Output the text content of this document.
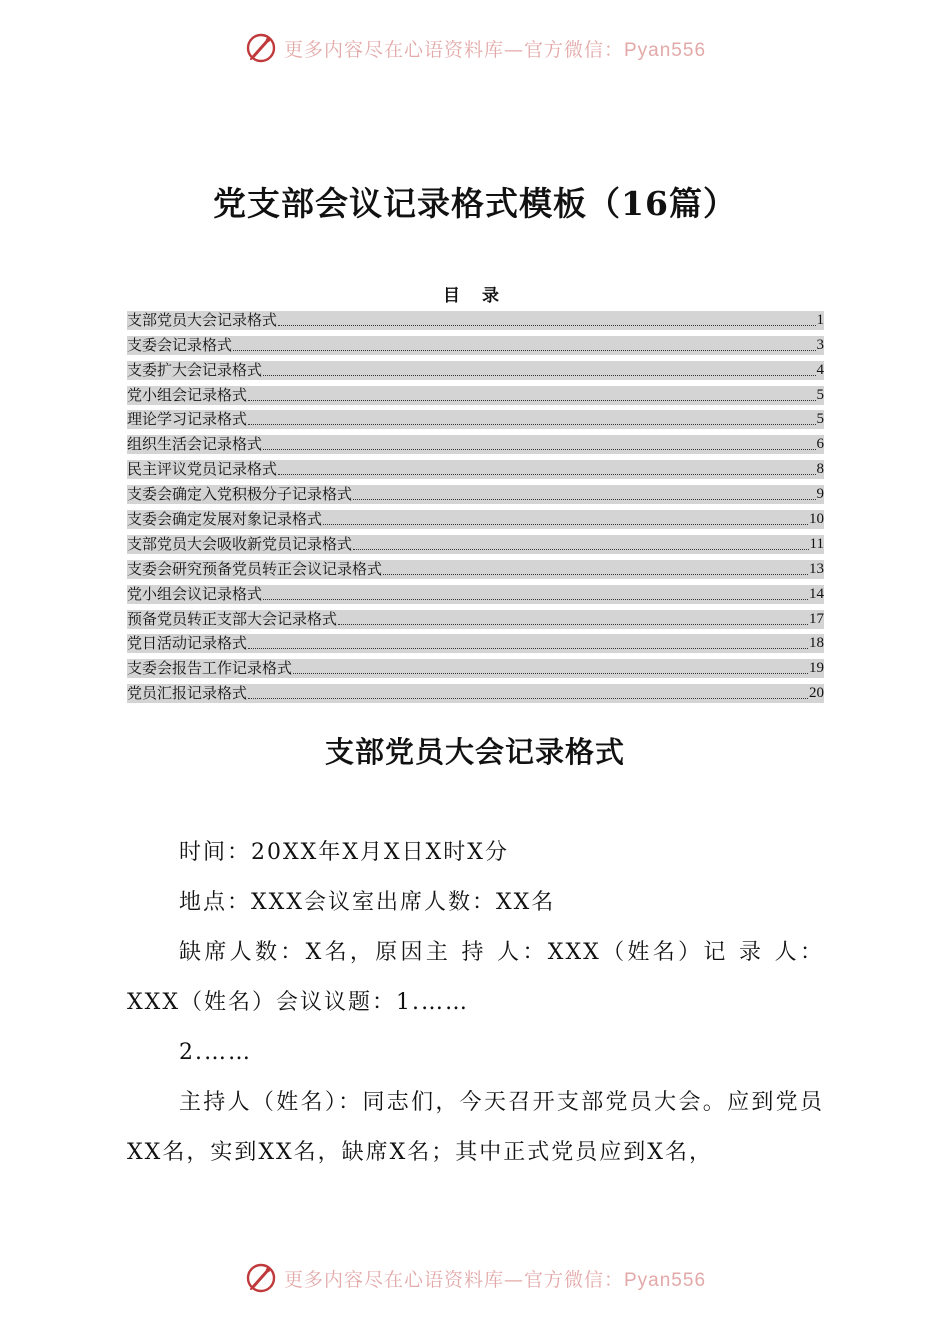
更多内容尽在心语资料库—官方微信：Pyan556
党支部会议记录格式模板（16篇）
目 录
支部党员大会记录格式	1
支委会记录格式	3
支委扩大会记录格式	4
党小组会记录格式	5
理论学习记录格式	5
组织生活会记录格式	6
民主评议党员记录格式	8
支委会确定入党积极分子记录格式	9
支委会确定发展对象记录格式	10
支部党员大会吸收新党员记录格式	11
支委会研究预备党员转正会议记录格式	13
党小组会议记录格式	14
预备党员转正支部大会记录格式	17
党日活动记录格式	18
支委会报告工作记录格式	19
党员汇报记录格式	20
支部党员大会记录格式

时间：20XX年X月X日X时X分

地点：XXX会议室出席人数：XX名

缺席人数：X名，原因主 持 人：XXX（姓名）记 录 人：XXX（姓名）会议议题：1.……

2.……

主持人（姓名）：同志们，今天召开支部党员大会。应到党员XX名，实到XX名，缺席X名；其中正式党员应到X名，

更多内容尽在心语资料库—官方微信：Pyan556
